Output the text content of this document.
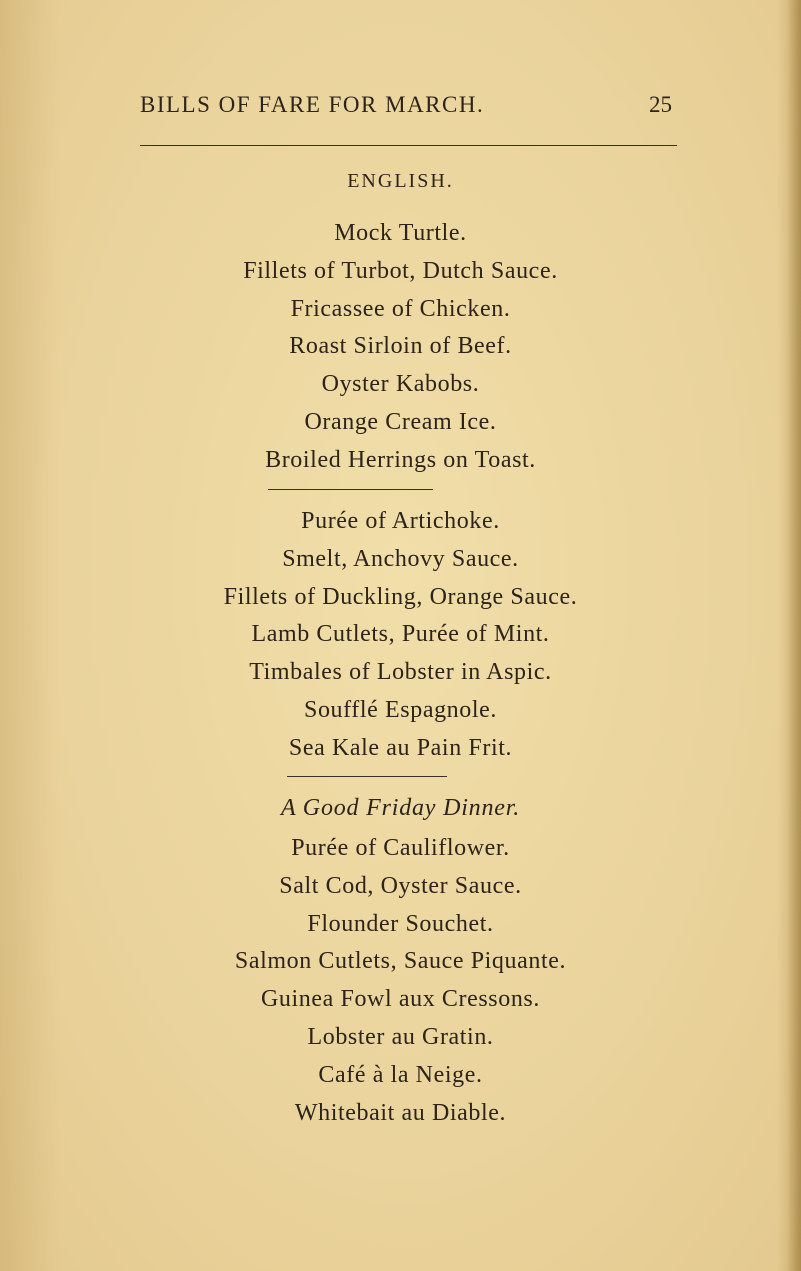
BILLS OF FARE FOR MARCH.	25
ENGLISH.
Mock Turtle.
Fillets of Turbot, Dutch Sauce.
Fricassee of Chicken.
Roast Sirloin of Beef.
Oyster Kabobs.
Orange Cream Ice.
Broiled Herrings on Toast.
Purée of Artichoke.
Smelt, Anchovy Sauce.
Fillets of Duckling, Orange Sauce.
Lamb Cutlets, Purée of Mint.
Timbales of Lobster in Aspic.
Soufflé Espagnole.
Sea Kale au Pain Frit.
A Good Friday Dinner.
Purée of Cauliflower.
Salt Cod, Oyster Sauce.
Flounder Souchet.
Salmon Cutlets, Sauce Piquante.
Guinea Fowl aux Cressons.
Lobster au Gratin.
Café à la Neige.
Whitebait au Diable.
